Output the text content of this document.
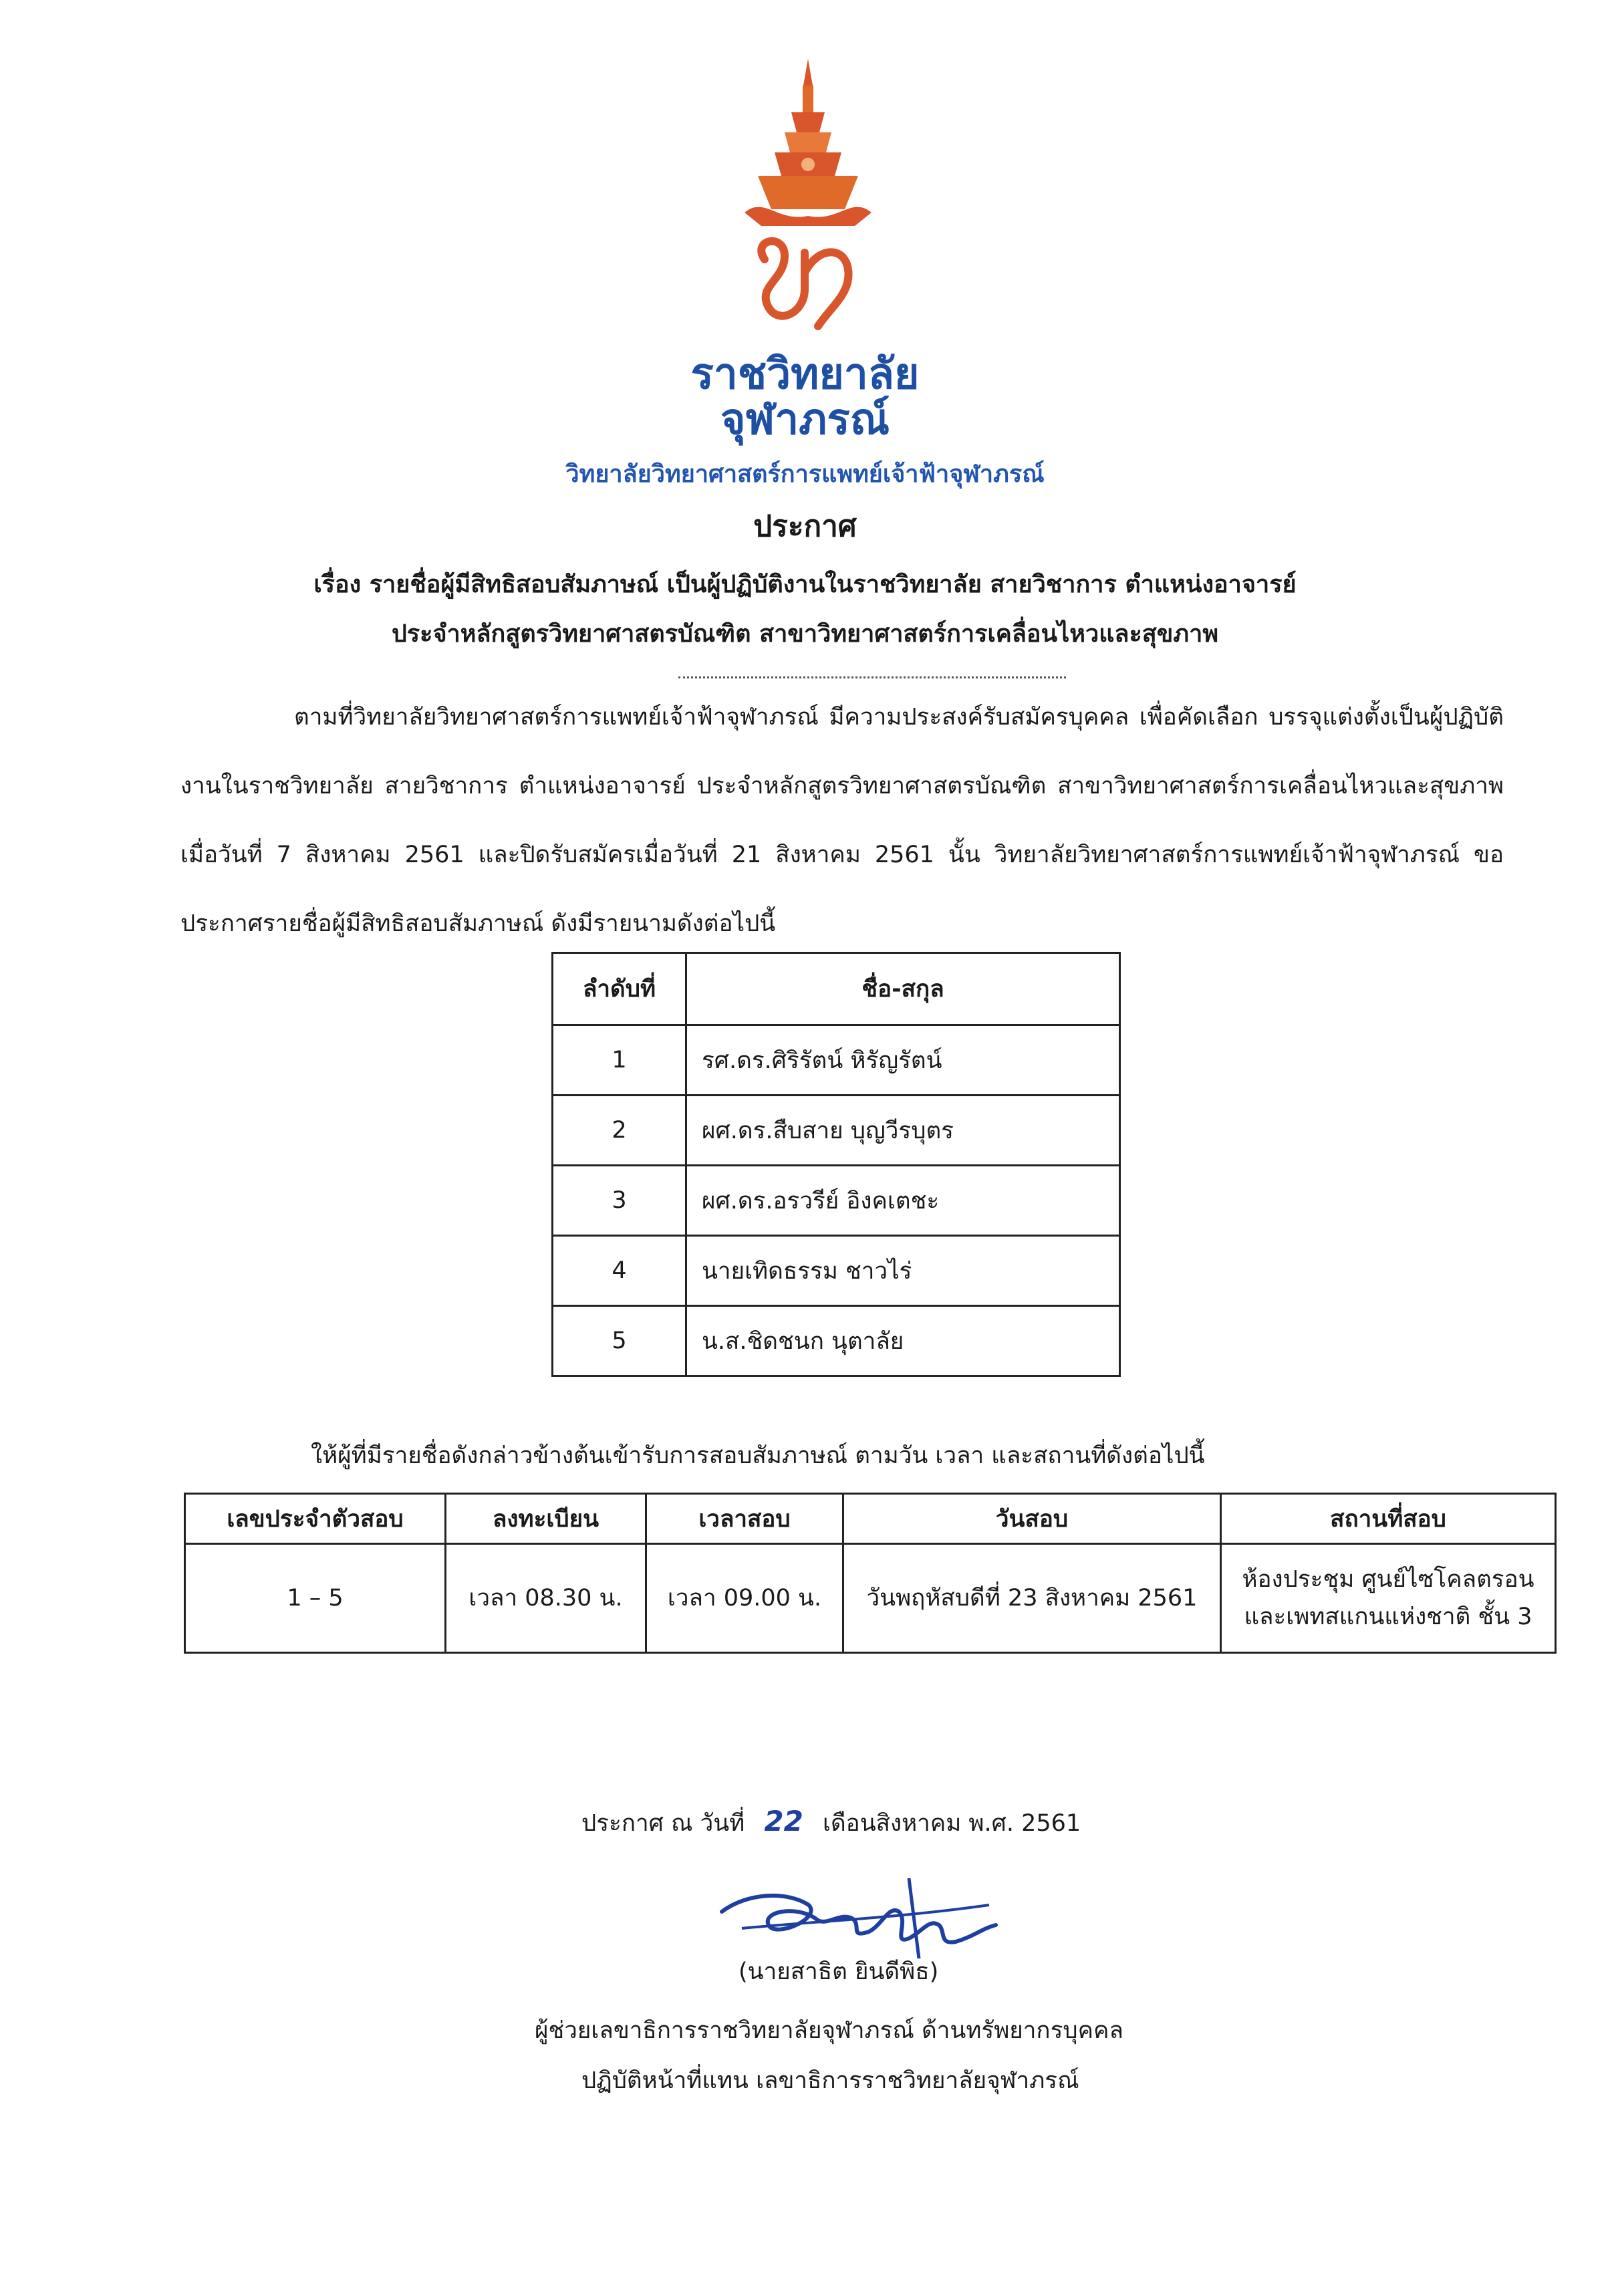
ราชวิทยาลัย
จุฬาภรณ์
วิทยาลัยวิทยาศาสตร์การแพทย์เจ้าฟ้าจุฬาภรณ์
ประกาศ
เรื่อง รายชื่อผู้มีสิทธิสอบสัมภาษณ์ เป็นผู้ปฏิบัติงานในราชวิทยาลัย สายวิชาการ ตำแหน่งอาจารย์
ประจำหลักสูตรวิทยาศาสตรบัณฑิต สาขาวิทยาศาสตร์การเคลื่อนไหวและสุขภาพ
ตามที่วิทยาลัยวิทยาศาสตร์การแพทย์เจ้าฟ้าจุฬาภรณ์ มีความประสงค์รับสมัครบุคคล เพื่อคัดเลือก บรรจุแต่งตั้งเป็นผู้ปฏิบัติงานในราชวิทยาลัย สายวิชาการ ตำแหน่งอาจารย์ ประจำหลักสูตรวิทยาศาสตรบัณฑิต สาขาวิทยาศาสตร์การเคลื่อนไหวและสุขภาพ เมื่อวันที่ 7 สิงหาคม 2561 และปิดรับสมัครเมื่อวันที่ 21 สิงหาคม 2561 นั้น วิทยาลัยวิทยาศาสตร์การแพทย์เจ้าฟ้าจุฬาภรณ์ ขอประกาศรายชื่อผู้มีสิทธิสอบสัมภาษณ์ ดังมีรายนามดังต่อไปนี้
ลำดับที่	ชื่อ-สกุล
1	รศ.ดร.ศิริรัตน์ หิรัญรัตน์
2	ผศ.ดร.สืบสาย บุญวีรบุตร
3	ผศ.ดร.อรวรีย์ อิงคเตชะ
4	นายเทิดธรรม ชาวไร่
5	น.ส.ชิดชนก นุตาลัย
ให้ผู้ที่มีรายชื่อดังกล่าวข้างต้นเข้ารับการสอบสัมภาษณ์ ตามวัน เวลา และสถานที่ดังต่อไปนี้
เลขประจำตัวสอบ	ลงทะเบียน	เวลาสอบ	วันสอบ	สถานที่สอบ
1 – 5	เวลา 08.30 น.	เวลา 09.00 น.	วันพฤหัสบดีที่ 23 สิงหาคม 2561	ห้องประชุม ศูนย์ไซโคลตรอน
และเพทสแกนแห่งชาติ ชั้น 3
ประกาศ ณ วันที่ 22 เดือนสิงหาคม พ.ศ. 2561
(นายสาธิต ยินดีพิธ)
ผู้ช่วยเลขาธิการราชวิทยาลัยจุฬาภรณ์ ด้านทรัพยากรบุคคล
ปฏิบัติหน้าที่แทน เลขาธิการราชวิทยาลัยจุฬาภรณ์
